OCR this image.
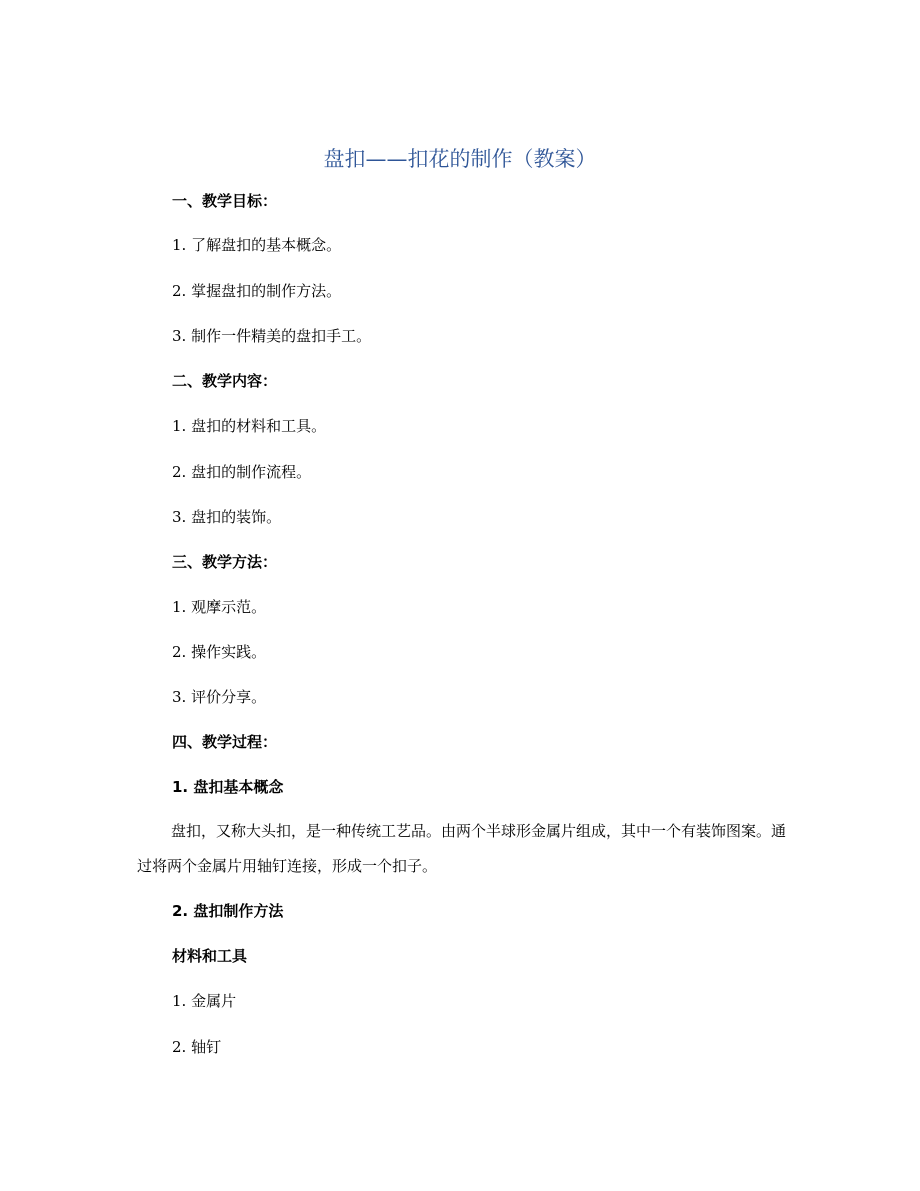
盘扣——扣花的制作（教案）
一、教学目标：
1. 了解盘扣的基本概念。
2. 掌握盘扣的制作方法。
3. 制作一件精美的盘扣手工。
二、教学内容：
1. 盘扣的材料和工具。
2. 盘扣的制作流程。
3. 盘扣的装饰。
三、教学方法：
1. 观摩示范。
2. 操作实践。
3. 评价分享。
四、教学过程：
1. 盘扣基本概念
盘扣，又称大头扣，是一种传统工艺品。由两个半球形金属片组成，其中一个有装饰图案。通过将两个金属片用轴钉连接，形成一个扣子。
2. 盘扣制作方法
材料和工具
1. 金属片
2. 轴钉
